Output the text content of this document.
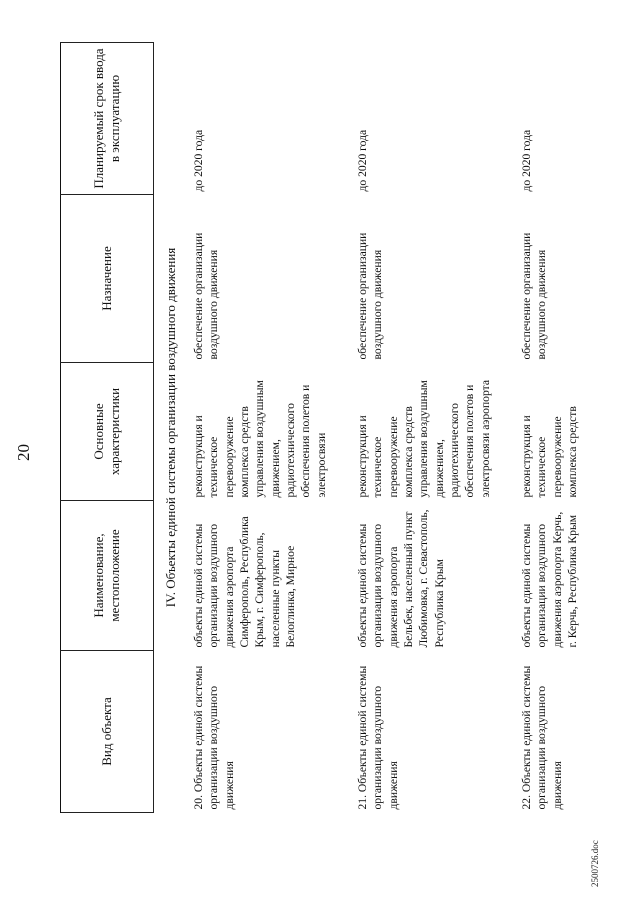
20
Вид объекта	Наименование, местоположение	Основные характеристики	Назначение	Планируемый срок ввода в эксплуатацию
IV. Объекты единой системы организации воздушного движения				
20. Объекты единой системы организации воздушного движения	объекты единой системы организации воздушного движения аэропорта Симферополь, Республика Крым, г. Симферополь, населенные пункты Белоглинка, Мирное	реконструкция и техническое перевооружение комплекса средств управления воздушным движением, радиотехнического обеспечения полетов и электросвязи	обеспечение организации воздушного движения	до 2020 года
21. Объекты единой системы организации воздушного движения	объекты единой системы организации воздушного движения аэропорта Бельбек, населенный пункт Любимовка, г. Севастополь, Республика Крым	реконструкция и техническое перевооружение комплекса средств управления воздушным движением, радиотехнического обеспечения полетов и электросвязи аэропорта	обеспечение организации воздушного движения	до 2020 года
22. Объекты единой системы организации воздушного движения	объекты единой системы организации воздушного движения аэропорта Керчь, г. Керчь, Республика Крым	реконструкция и техническое перевооружение комплекса средств	обеспечение организации воздушного движения	до 2020 года
2500726.doc
